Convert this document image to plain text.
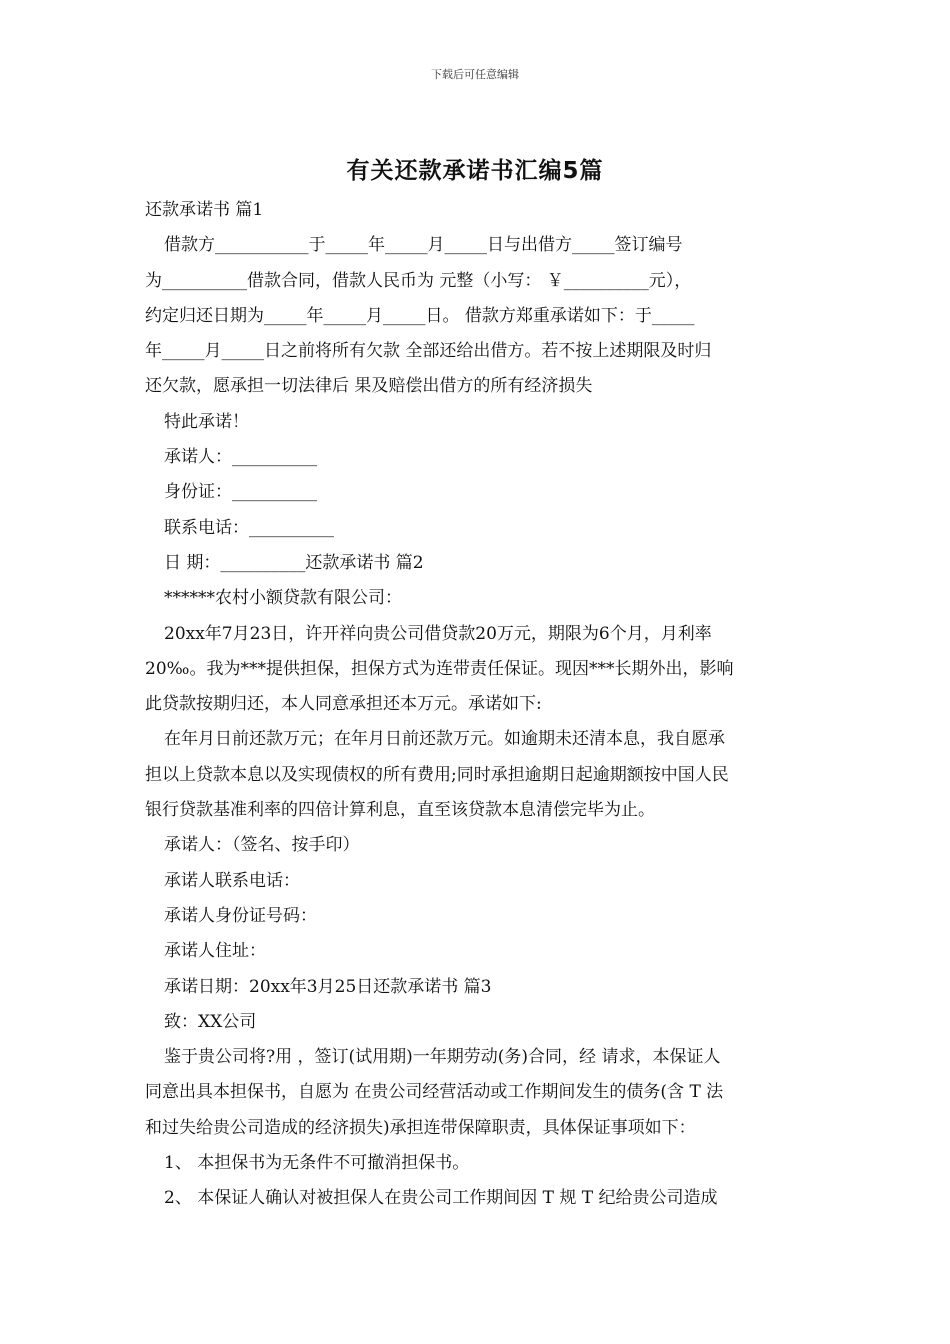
下载后可任意编辑
有关还款承诺书汇编5篇

还款承诺书 篇1

借款方___________于_____年_____月_____日与出借方_____签订编号

为__________借款合同，借款人民币为 元整（小写： ￥__________元），

约定归还日期为_____年_____月_____日。 借款方郑重承诺如下：于_____

年_____月_____日之前将所有欠款 全部还给出借方。若不按上述期限及时归

还欠款，愿承担一切法律后 果及赔偿出借方的所有经济损失

特此承诺！

承诺人：__________

身份证：__________

联系电话：__________

日 期：__________还款承诺书 篇2

******农村小额贷款有限公司：

20xx年7月23日，许开祥向贵公司借贷款20万元，期限为6个月，月利率

20‰。我为***提供担保，担保方式为连带责任保证。现因***长期外出，影响

此贷款按期归还，本人同意承担还本万元。承诺如下:

在年月日前还款万元；在年月日前还款万元。如逾期未还清本息，我自愿承

担以上贷款本息以及实现债权的所有费用;同时承担逾期日起逾期额按中国人民

银行贷款基准利率的四倍计算利息，直至该贷款本息清偿完毕为止。

承诺人：（签名、按手印）

承诺人联系电话：

承诺人身份证号码：

承诺人住址：

承诺日期：20xx年3月25日还款承诺书 篇3

致：XX公司

鉴于贵公司将?用 ，签订(试用期)一年期劳动(务)合同，经 请求，本保证人

同意出具本担保书，自愿为 在贵公司经营活动或工作期间发生的债务(含 T 法

和过失给贵公司造成的经济损失)承担连带保障职责，具体保证事项如下：

1、 本担保书为无条件不可撤消担保书。

2、 本保证人确认对被担保人在贵公司工作期间因 T 规 T 纪给贵公司造成
